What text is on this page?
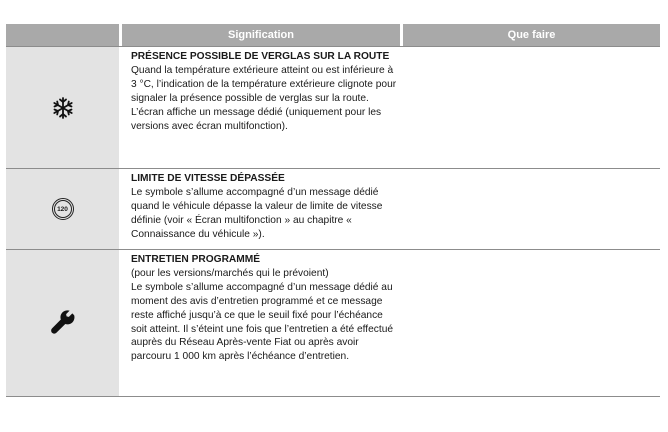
Signification	Que faire
PRÉSENCE POSSIBLE DE VERGLAS SUR LA ROUTE
Quand la température extérieure atteint ou est inférieure à 3 °C, l’indication de la température extérieure clignote pour signaler la présence possible de verglas sur la route.
L’écran affiche un message dédié (uniquement pour les versions avec écran multifonction).
120
LIMITE DE VITESSE DÉPASSÉE
Le symbole s’allume accompagné d’un message dédié quand le véhicule dépasse la valeur de limite de vitesse définie (voir « Écran multifonction » au chapitre « Connaissance du véhicule »).
ENTRETIEN PROGRAMMÉ
(pour les versions/marchés qui le prévoient)
Le symbole s’allume accompagné d’un message dédié au moment des avis d’entretien programmé et ce message reste affiché jusqu’à ce que le seuil fixé pour l’échéance soit atteint. Il s’éteint une fois que l’entretien a été effectué auprès du Réseau Après-vente Fiat ou après avoir parcouru 1 000 km après l’échéance d’entretien.
